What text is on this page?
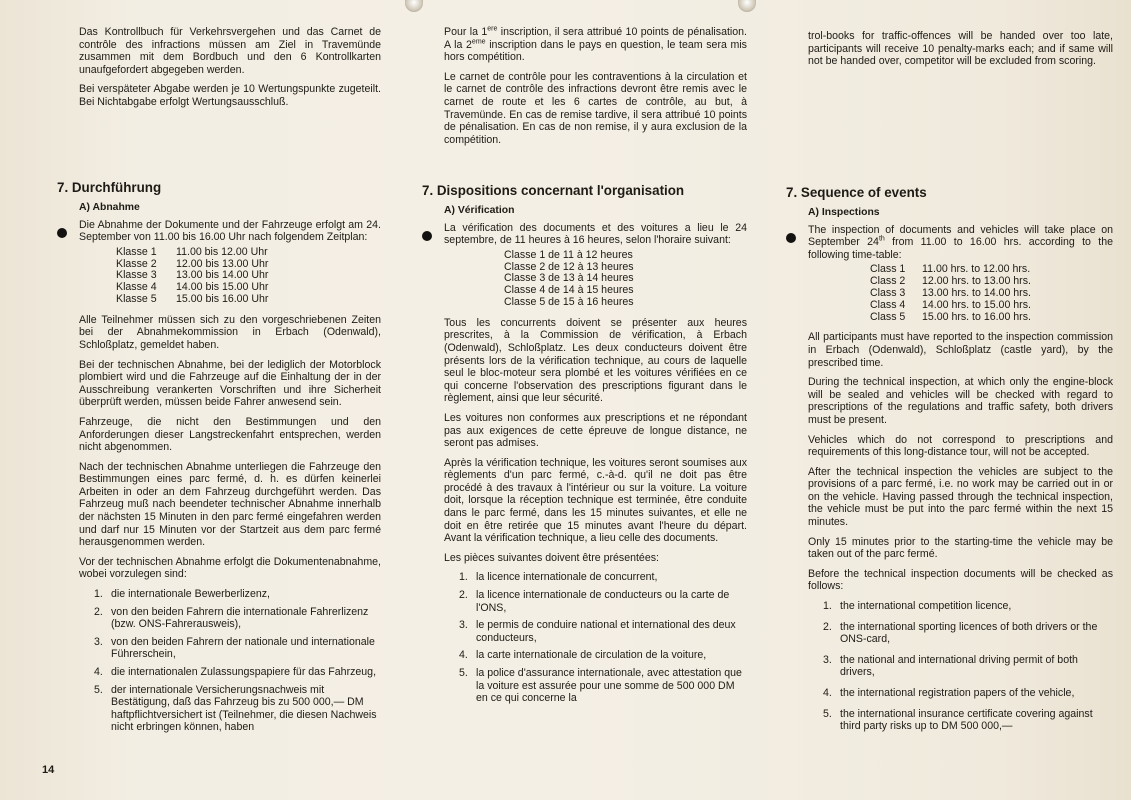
Das Kontrollbuch für Verkehrsvergehen und das Carnet de contrôle des infractions müssen am Ziel in Travemünde zusammen mit dem Bordbuch und den 6 Kontrollkarten unaufgefordert abgegeben werden.

Bei verspäteter Abgabe werden je 10 Wertungspunkte zugeteilt. Bei Nichtabgabe erfolgt Wertungsausschluß.

7. Durchführung
A) Abnahme

Die Abnahme der Dokumente und der Fahrzeuge erfolgt am 24. September von 11.00 bis 16.00 Uhr nach folgendem Zeitplan:

Klasse 1	11.00 bis 12.00 Uhr
Klasse 2	12.00 bis 13.00 Uhr
Klasse 3	13.00 bis 14.00 Uhr
Klasse 4	14.00 bis 15.00 Uhr
Klasse 5	15.00 bis 16.00 Uhr

Alle Teilnehmer müssen sich zu den vorgeschriebenen Zeiten bei der Abnahmekommission in Erbach (Odenwald), Schloßplatz, gemeldet haben.

Bei der technischen Abnahme, bei der lediglich der Motorblock plombiert wird und die Fahrzeuge auf die Einhaltung der in der Ausschreibung verankerten Vorschriften und ihre Sicherheit überprüft werden, müssen beide Fahrer anwesend sein.

Fahrzeuge, die nicht den Bestimmungen und den Anforderungen dieser Langstreckenfahrt entsprechen, werden nicht abgenommen.

Nach der technischen Abnahme unterliegen die Fahrzeuge den Bestimmungen eines parc fermé, d. h. es dürfen keinerlei Arbeiten in oder an dem Fahrzeug durchgeführt werden. Das Fahrzeug muß nach beendeter technischer Abnahme innerhalb der nächsten 15 Minuten in den parc fermé eingefahren werden und darf nur 15 Minuten vor der Startzeit aus dem parc fermé herausgenommen werden.

Vor der technischen Abnahme erfolgt die Dokumentenabnahme, wobei vorzulegen sind:

1. die internationale Bewerberlizenz,
2. von den beiden Fahrern die internationale Fahrerlizenz (bzw. ONS-Fahrerausweis),
3. von den beiden Fahrern der nationale und internationale Führerschein,
4. die internationalen Zulassungspapiere für das Fahrzeug,
5. der internationale Versicherungsnachweis mit Bestätigung, daß das Fahrzeug bis zu 500 000,— DM haftpflichtversichert ist (Teilnehmer, die diesen Nachweis nicht erbringen können, haben

Pour la 1ere inscription, il sera attribué 10 points de pénalisation. A la 2eme inscription dans le pays en question, le team sera mis hors compétition.

Le carnet de contrôle pour les contraventions à la circulation et le carnet de contrôle des infractions devront être remis avec le carnet de route et les 6 cartes de contrôle, au but, à Travemünde. En cas de remise tardive, il sera attribué 10 points de pénalisation. En cas de non remise, il y aura exclusion de la compétition.

7. Dispositions concernant l'organisation
A) Vérification

La vérification des documents et des voitures a lieu le 24 septembre, de 11 heures à 16 heures, selon l'horaire suivant:

Classe 1 de 11 à 12 heures
Classe 2 de 12 à 13 heures
Classe 3 de 13 à 14 heures
Classe 4 de 14 à 15 heures
Classe 5 de 15 à 16 heures

Tous les concurrents doivent se présenter aux heures prescrites, à la Commission de vérification, à Erbach (Odenwald), Schloßplatz. Les deux conducteurs doivent être présents lors de la vérification technique, au cours de laquelle seul le bloc-moteur sera plombé et les voitures vérifiées en ce qui concerne l'observation des prescriptions figurant dans le règlement, ainsi que leur sécurité.

Les voitures non conformes aux prescriptions et ne répondant pas aux exigences de cette épreuve de longue distance, ne seront pas admises.

Après la vérification technique, les voitures seront soumises aux règlements d'un parc fermé, c.-à-d. qu'il ne doit pas être procédé à des travaux à l'intérieur ou sur la voiture. La voiture doit, lorsque la réception technique est terminée, être conduite dans le parc fermé, dans les 15 minutes suivantes, et elle ne doit en être retirée que 15 minutes avant l'heure du départ. Avant la vérification technique, a lieu celle des documents.

Les pièces suivantes doivent être présentées:

1. la licence internationale de concurrent,
2. la licence internationale de conducteurs ou la carte de l'ONS,
3. le permis de conduire national et international des deux conducteurs,
4. la carte internationale de circulation de la voiture,
5. la police d'assurance internationale, avec attestation que la voiture est assurée pour une somme de 500 000 DM en ce qui concerne la

trol-books for traffic-offences will be handed over too late, participants will receive 10 penalty-marks each; and if same will not be handed over, competitor will be excluded from scoring.

7. Sequence of events
A) Inspections

The inspection of documents and vehicles will take place on September 24th from 11.00 to 16.00 hrs. according to the following time-table:

Class 1	11.00 hrs. to 12.00 hrs.
Class 2	12.00 hrs. to 13.00 hrs.
Class 3	13.00 hrs. to 14.00 hrs.
Class 4	14.00 hrs. to 15.00 hrs.
Class 5	15.00 hrs. to 16.00 hrs.

All participants must have reported to the inspection commission in Erbach (Odenwald), Schloßplatz (castle yard), by the prescribed time.

During the technical inspection, at which only the engine-block will be sealed and vehicles will be checked with regard to prescriptions of the regulations and traffic safety, both drivers must be present.

Vehicles which do not correspond to prescriptions and requirements of this long-distance tour, will not be accepted.

After the technical inspection the vehicles are subject to the provisions of a parc fermé, i.e. no work may be carried out in or on the vehicle. Having passed through the technical inspection, the vehicle must be put into the parc fermé within the next 15 minutes.

Only 15 minutes prior to the starting-time the vehicle may be taken out of the parc fermé.

Before the technical inspection documents will be checked as follows:

1. the international competition licence,
2. the international sporting licences of both drivers or the ONS-card,
3. the national and international driving permit of both drivers,
4. the international registration papers of the vehicle,
5. the international insurance certificate covering against third party risks up to DM 500 000,—
14
